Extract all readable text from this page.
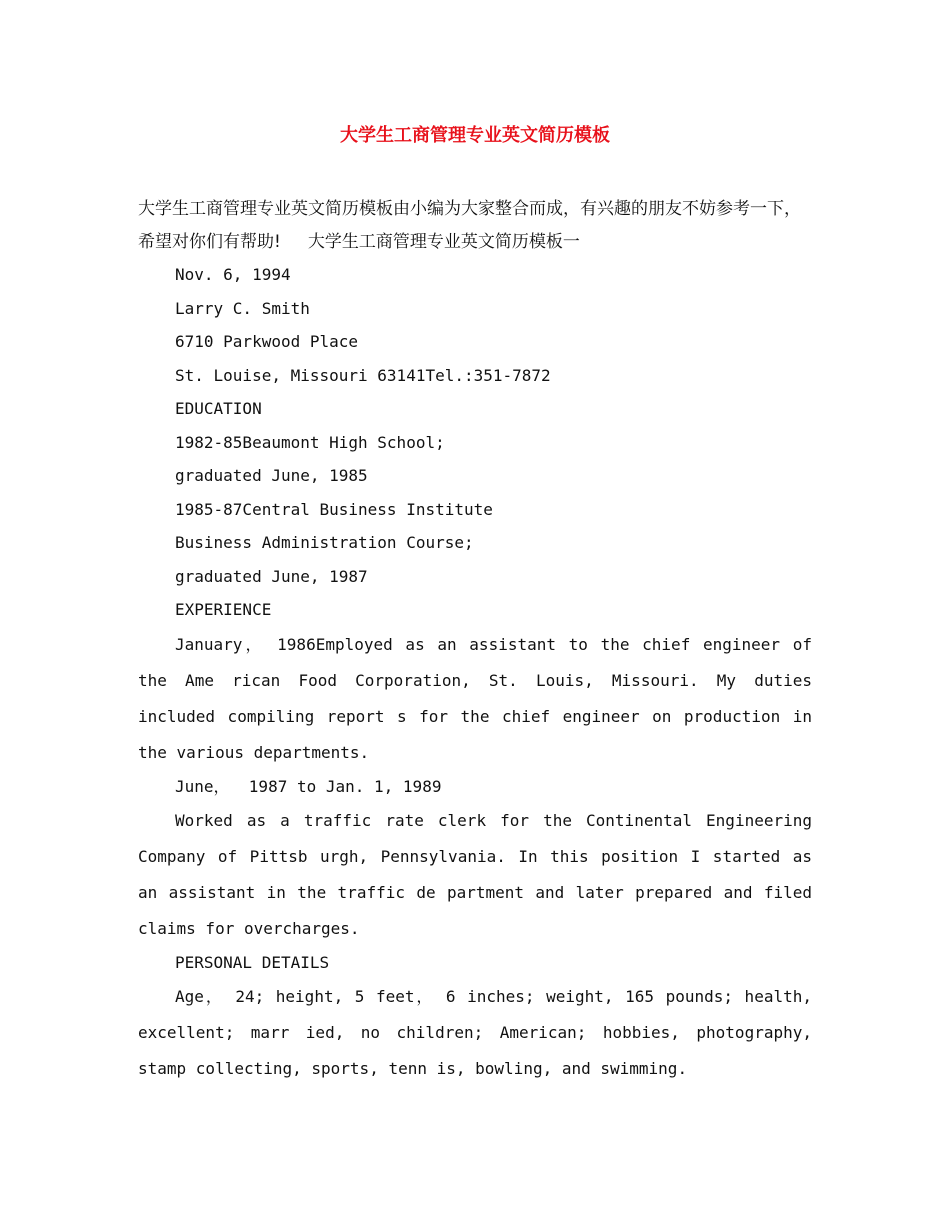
大学生工商管理专业英文简历模板

大学生工商管理专业英文简历模板由小编为大家整合而成，有兴趣的朋友不妨参考一下，希望对你们有帮助!     大学生工商管理专业英文简历模板一

Nov. 6, 1994
Larry C. Smith
6710 Parkwood Place
St. Louise, Missouri 63141Tel.:351-7872
EDUCATION
1982-85Beaumont High School;
graduated June, 1985
1985-87Central Business Institute
Business Administration Course;
graduated June, 1987
EXPERIENCE

January， 1986Employed as an assistant to the chief engineer of the Ame rican Food Corporation, St. Louis, Missouri. My duties included compiling report s for the chief engineer on production in the various departments.

June，  1987 to Jan. 1, 1989

Worked as a traffic rate clerk for the Continental Engineering Company of Pittsb urgh, Pennsylvania. In this position I started as an assistant in the traffic de partment and later prepared and filed claims for overcharges.

PERSONAL DETAILS

Age， 24; height, 5 feet， 6 inches; weight, 165 pounds; health, excellent; marr ied, no children; American; hobbies, photography, stamp collecting, sports, tenn is, bowling, and swimming.
